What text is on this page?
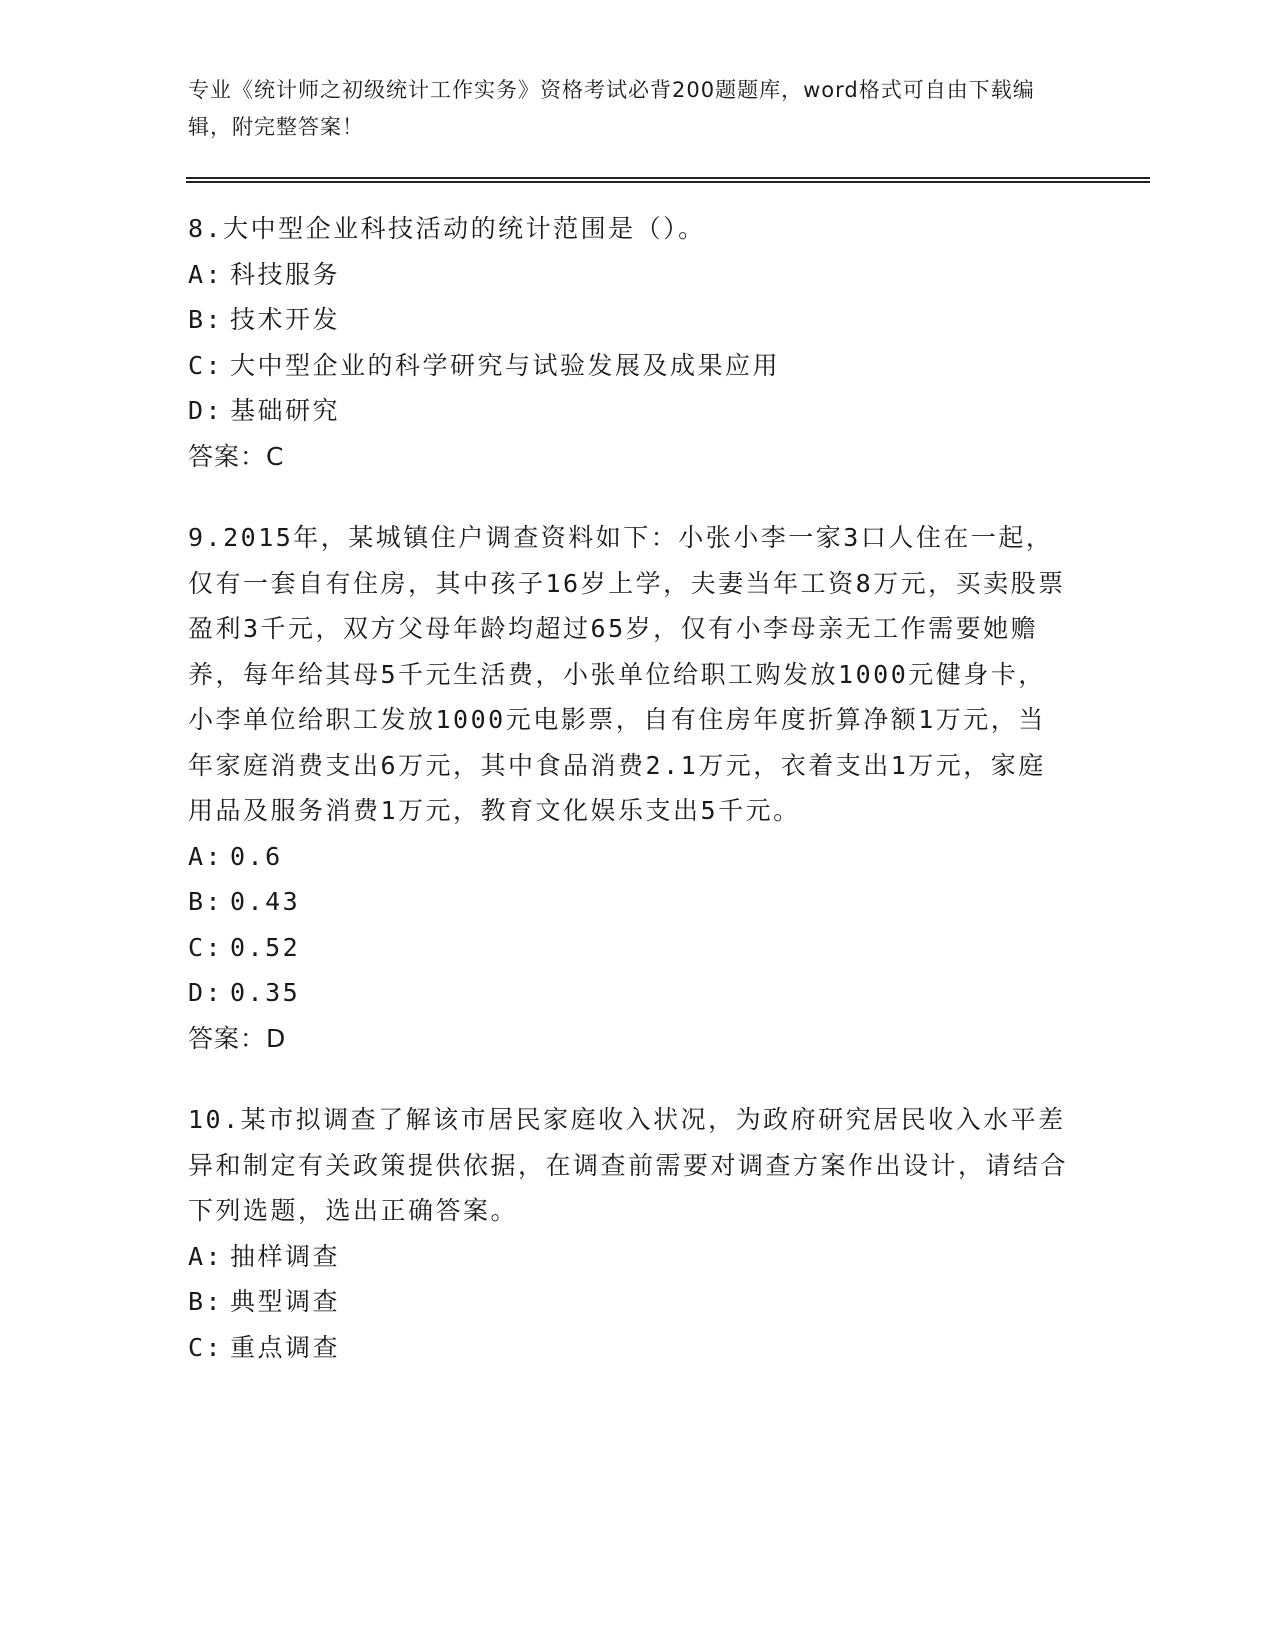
专业《统计师之初级统计工作实务》资格考试必背200题题库，word格式可自由下载编辑，附完整答案！
8.大中型企业科技活动的统计范围是（）。
A: 科技服务
B: 技术开发
C: 大中型企业的科学研究与试验发展及成果应用
D: 基础研究
答案：C
9.2015年，某城镇住户调查资料如下：小张小李一家3口人住在一起，仅有一套自有住房，其中孩子16岁上学，夫妻当年工资8万元，买卖股票盈利3千元，双方父母年龄均超过65岁，仅有小李母亲无工作需要她赡养，每年给其母5千元生活费，小张单位给职工购发放1000元健身卡，小李单位给职工发放1000元电影票，自有住房年度折算净额1万元，当年家庭消费支出6万元，其中食品消费2.1万元，衣着支出1万元，家庭用品及服务消费1万元，教育文化娱乐支出5千元。
A: 0.6
B: 0.43
C: 0.52
D: 0.35
答案：D
10.某市拟调查了解该市居民家庭收入状况，为政府研究居民收入水平差异和制定有关政策提供依据，在调查前需要对调查方案作出设计，请结合下列选题，选出正确答案。
A: 抽样调查
B: 典型调查
C: 重点调查
